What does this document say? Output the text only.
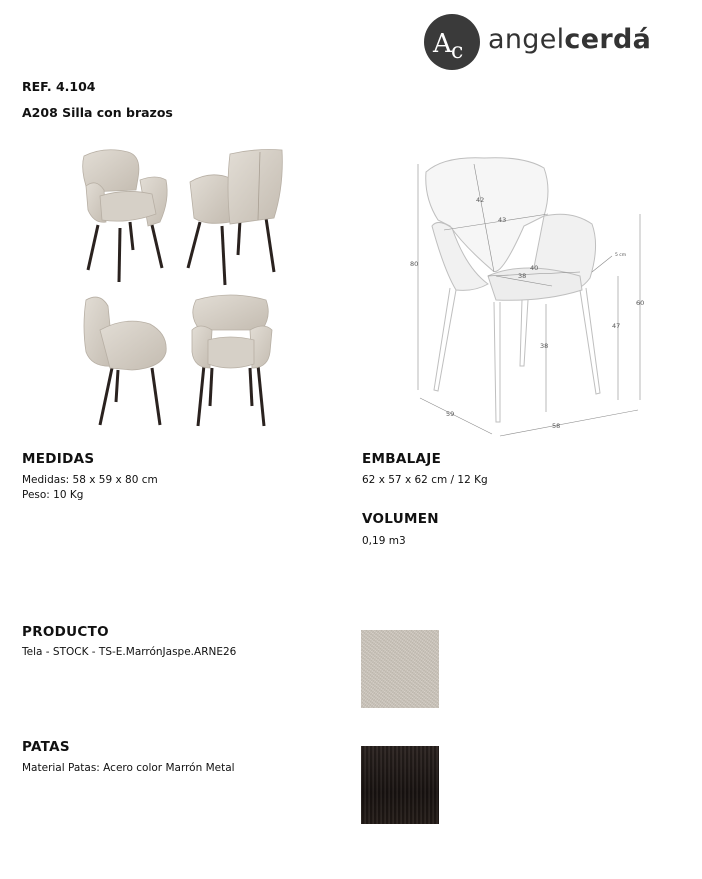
A c angelcerdá
REF. 4.104
A208 Silla con brazos
42
43
80	40
38
5 cm
60
47
38
59
58
MEDIDAS
Medidas: 58 x 59 x 80 cm
Peso: 10 Kg
EMBALAJE
62 x 57 x 62 cm / 12 Kg
VOLUMEN
0,19 m3
PRODUCTO
Tela - STOCK - TS-E.MarrónJaspe.ARNE26
PATAS
Material Patas: Acero color Marrón Metal
